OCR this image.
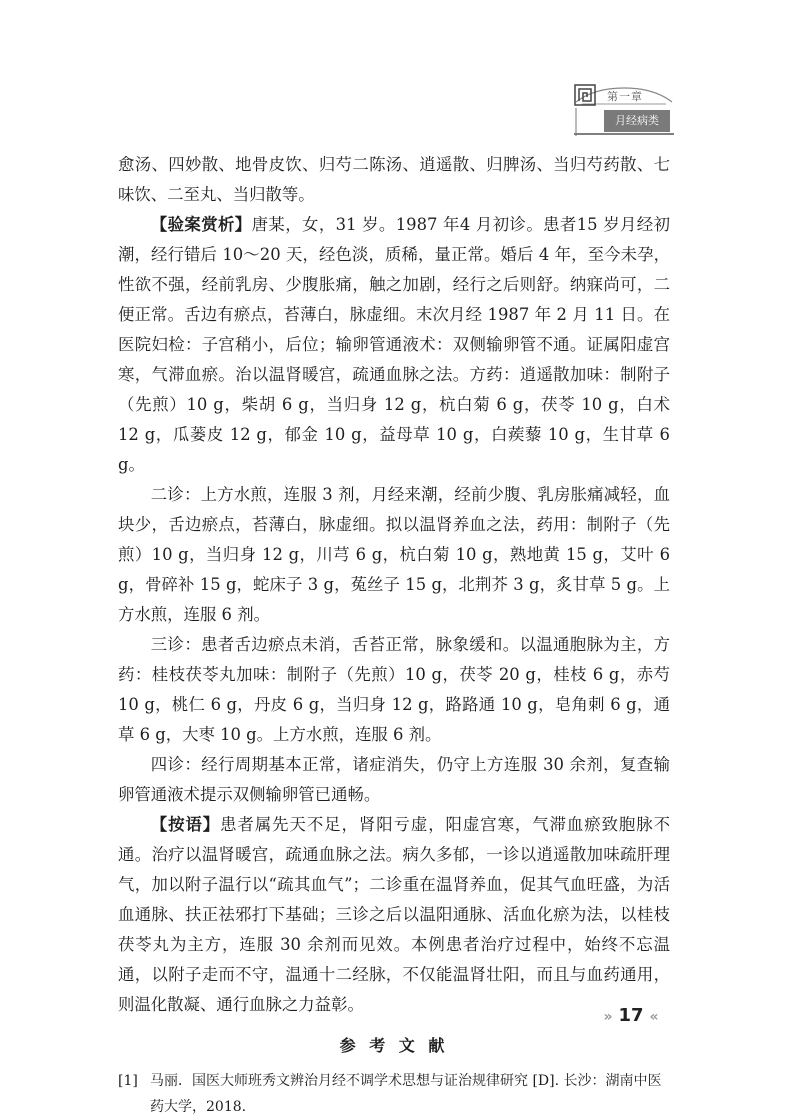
第一章
月经病类

愈汤、四妙散、地骨皮饮、归芍二陈汤、逍遥散、归脾汤、当归芍药散、七味饮、二至丸、当归散等。

【验案赏析】唐某，女，31 岁。1987 年4 月初诊。患者15 岁月经初潮，经行错后 10～20 天，经色淡，质稀，量正常。婚后 4 年，至今未孕，性欲不强，经前乳房、少腹胀痛，触之加剧，经行之后则舒。纳寐尚可，二便正常。舌边有瘀点，苔薄白，脉虚细。末次月经 1987 年 2 月 11 日。在医院妇检：子宫稍小，后位；输卵管通液术：双侧输卵管不通。证属阳虚宫寒，气滞血瘀。治以温肾暖宫，疏通血脉之法。方药：逍遥散加味：制附子（先煎）10 g，柴胡 6 g，当归身 12 g，杭白菊 6 g，茯苓 10 g，白术 12 g，瓜蒌皮 12 g，郁金 10 g，益母草 10 g，白蒺藜 10 g，生甘草 6 g。

二诊：上方水煎，连服 3 剂，月经来潮，经前少腹、乳房胀痛减轻，血块少，舌边瘀点，苔薄白，脉虚细。拟以温肾养血之法，药用：制附子（先煎）10 g，当归身 12 g，川芎 6 g，杭白菊 10 g，熟地黄 15 g，艾叶 6 g，骨碎补 15 g，蛇床子 3 g，菟丝子 15 g，北荆芥 3 g，炙甘草 5 g。上方水煎，连服 6 剂。

三诊：患者舌边瘀点未消，舌苔正常，脉象缓和。以温通胞脉为主，方药：桂枝茯苓丸加味：制附子（先煎）10 g，茯苓 20 g，桂枝 6 g，赤芍 10 g，桃仁 6 g，丹皮 6 g，当归身 12 g，路路通 10 g，皂角刺 6 g，通草 6 g，大枣 10 g。上方水煎，连服 6 剂。

四诊：经行周期基本正常，诸症消失，仍守上方连服 30 余剂，复查输卵管通液术提示双侧输卵管已通畅。

【按语】患者属先天不足，肾阳亏虚，阳虚宫寒，气滞血瘀致胞脉不通。治疗以温肾暖宫，疏通血脉之法。病久多郁，一诊以逍遥散加味疏肝理气，加以附子温行以“疏其血气”；二诊重在温肾养血，促其气血旺盛，为活血通脉、扶正祛邪打下基础；三诊之后以温阳通脉、活血化瘀为法，以桂枝茯苓丸为主方，连服 30 余剂而见效。本例患者治疗过程中，始终不忘温通，以附子走而不守，温通十二经脉，不仅能温肾壮阳，而且与血药通用，则温化散凝、通行血脉之力益彰。

参 考 文 献

[1] 马丽．国医大师班秀文辨治月经不调学术思想与证治规律研究 [D]. 长沙：湖南中医药大学，2018.

» 17 «
